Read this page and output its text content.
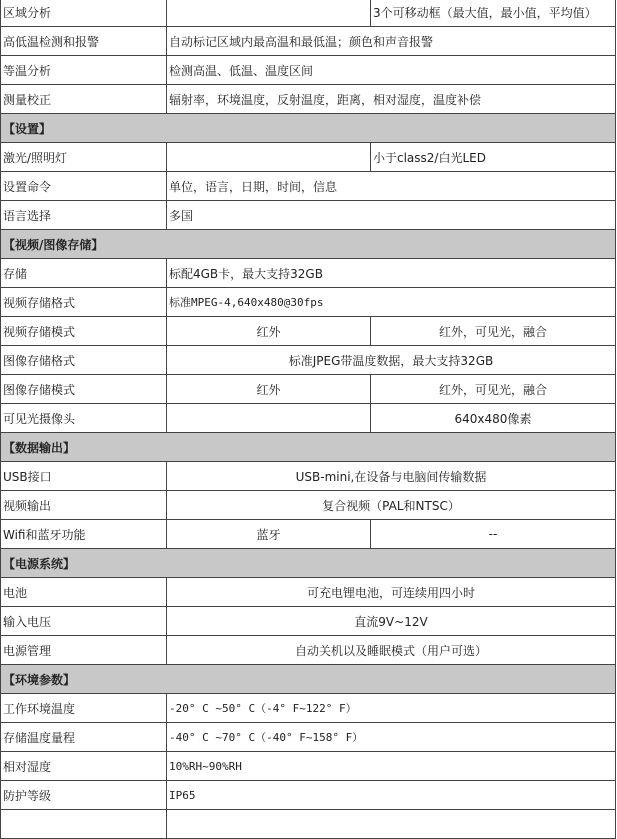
区域分析		3个可移动框（最大值，最小值，平均值）
高低温检测和报警	自动标记区域内最高温和最低温；颜色和声音报警	
等温分析	检测高温、低温、温度区间	
测量校正	辐射率，环境温度，反射温度，距离，相对湿度，温度补偿	
【设置】		
激光/照明灯		小于class2/白光LED
设置命令	单位，语言，日期，时间，信息	
语言选择	多国	
【视频/图像存储】		
存储	标配4GB卡，最大支持32GB	
视频存储格式	标准MPEG-4,640x480@30fps	
视频存储模式	红外	红外，可见光，融合
图像存储格式	标准JPEG带温度数据，最大支持32GB	
图像存储模式	红外	红外，可见光，融合
可见光摄像头		640x480像素
【数据输出】		
USB接口	USB-mini,在设备与电脑间传输数据	
视频输出	复合视频（PAL和NTSC）	
Wifi和蓝牙功能	蓝牙	--
【电源系统】		
电池	可充电锂电池，可连续用四小时	
输入电压	直流9V~12V	
电源管理	自动关机以及睡眠模式（用户可选）	
【环境参数】		
工作环境温度	-20° C ~50° C（-4° F~122° F）	
存储温度量程	-40° C ~70° C（-40° F~158° F）	
相对湿度	10%RH~90%RH	
防护等级	IP65	
